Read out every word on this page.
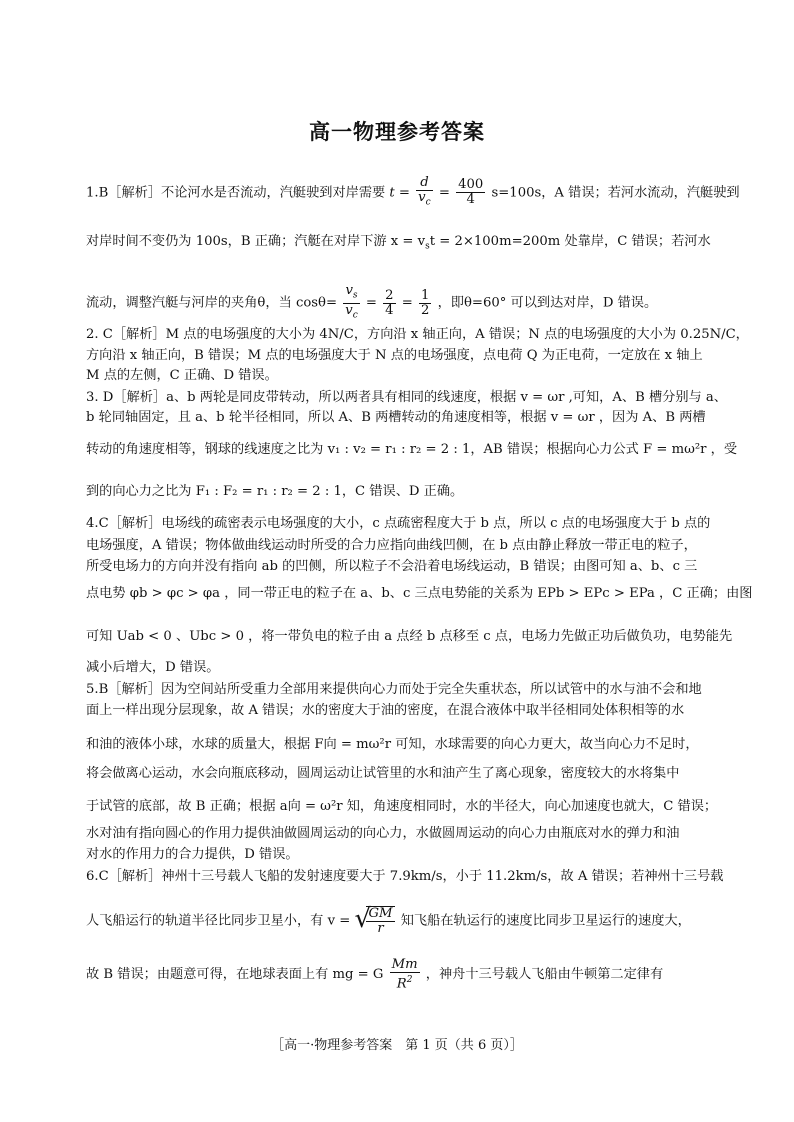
高一物理参考答案
1.B［解析］不论河水是否流动，汽艇驶到对岸需要 $t = \frac{d}{v_c} = \frac{400}{4} s=100s$，A 错误；若河水流动，汽艇驶到
对岸时间不变仍为 100s，B 正确；汽艇在对岸下游 $x = v_st = 2\times 100m=200m$ 处靠岸，C 错误；若河水
流动，调整汽艇与河岸的夹角θ，当 $\cos\theta= \frac{v_s}{v_c} = \frac{2}{4} = \frac{1}{2}$ ，即θ=60° 可以到达对岸，D 错误。
2. C［解析］M 点的电场强度的大小为 4N/C，方向沿 x 轴正向，A 错误；N 点的电场强度的大小为 0.25N/C，
方向沿 x 轴正向，B 错误；M 点的电场强度大于 N 点的电场强度，点电荷 Q 为正电荷，一定放在 x 轴上
M 点的左侧，C 正确、D 错误。
3. D［解析］a、b 两轮是同皮带转动，所以两者具有相同的线速度，根据 v = ωr ,可知，A、B 槽分别与 a、
b 轮同轴固定，且 a、b 轮半径相同，所以 A、B 两槽转动的角速度相等，根据 v = ωr ，因为 A、B 两槽
转动的角速度相等，钢球的线速度之比为 v₁ : v₂ = r₁ : r₂ = 2 : 1，AB 错误；根据向心力公式 F = mω²r ，受
到的向心力之比为 F₁ : F₂ = r₁ : r₂ = 2 : 1，C 错误、D 正确。
4.C［解析］电场线的疏密表示电场强度的大小，c 点疏密程度大于 b 点，所以 c 点的电场强度大于 b 点的
电场强度，A 错误；物体做曲线运动时所受的合力应指向曲线凹侧，在 b 点由静止释放一带正电的粒子，
所受电场力的方向并没有指向 ab 的凹侧，所以粒子不会沿着电场线运动，B 错误；由图可知 a、b、c 三
点电势 φb > φc > φa ，同一带正电的粒子在 a、b、c 三点电势能的关系为 EPb > EPc > EPa ，C 正确；由图
可知 Uab < 0 、Ubc > 0 ，将一带负电的粒子由 a 点经 b 点移至 c 点，电场力先做正功后做负功，电势能先
减小后增大，D 错误。
5.B［解析］因为空间站所受重力全部用来提供向心力而处于完全失重状态，所以试管中的水与油不会和地
面上一样出现分层现象，故 A 错误；水的密度大于油的密度，在混合液体中取半径相同处体积相等的水
和油的液体小球，水球的质量大，根据 F向 = mω²r 可知，水球需要的向心力更大，故当向心力不足时，
将会做离心运动，水会向瓶底移动，圆周运动让试管里的水和油产生了离心现象，密度较大的水将集中
于试管的底部，故 B 正确；根据 a向 = ω²r 知，角速度相同时，水的半径大，向心加速度也就大，C 错误；
水对油有指向圆心的作用力提供油做圆周运动的向心力，水做圆周运动的向心力由瓶底对水的弹力和油
对水的作用力的合力提供，D 错误。
6.C［解析］神州十三号载人飞船的发射速度要大于 7.9km/s，小于 11.2km/s，故 A 错误；若神州十三号载
人飞船运行的轨道半径比同步卫星小，有 v =
√ $\frac{GM}{r}$ 知飞船在轨运行的速度比同步卫星运行的速度大，
故 B 错误；由题意可得，在地球表面上有 mg = G $\frac{Mm}{R^2}$ ，神舟十三号载人飞船由牛顿第二定律有
［高一·物理参考答案　第 1 页（共 6 页）］
